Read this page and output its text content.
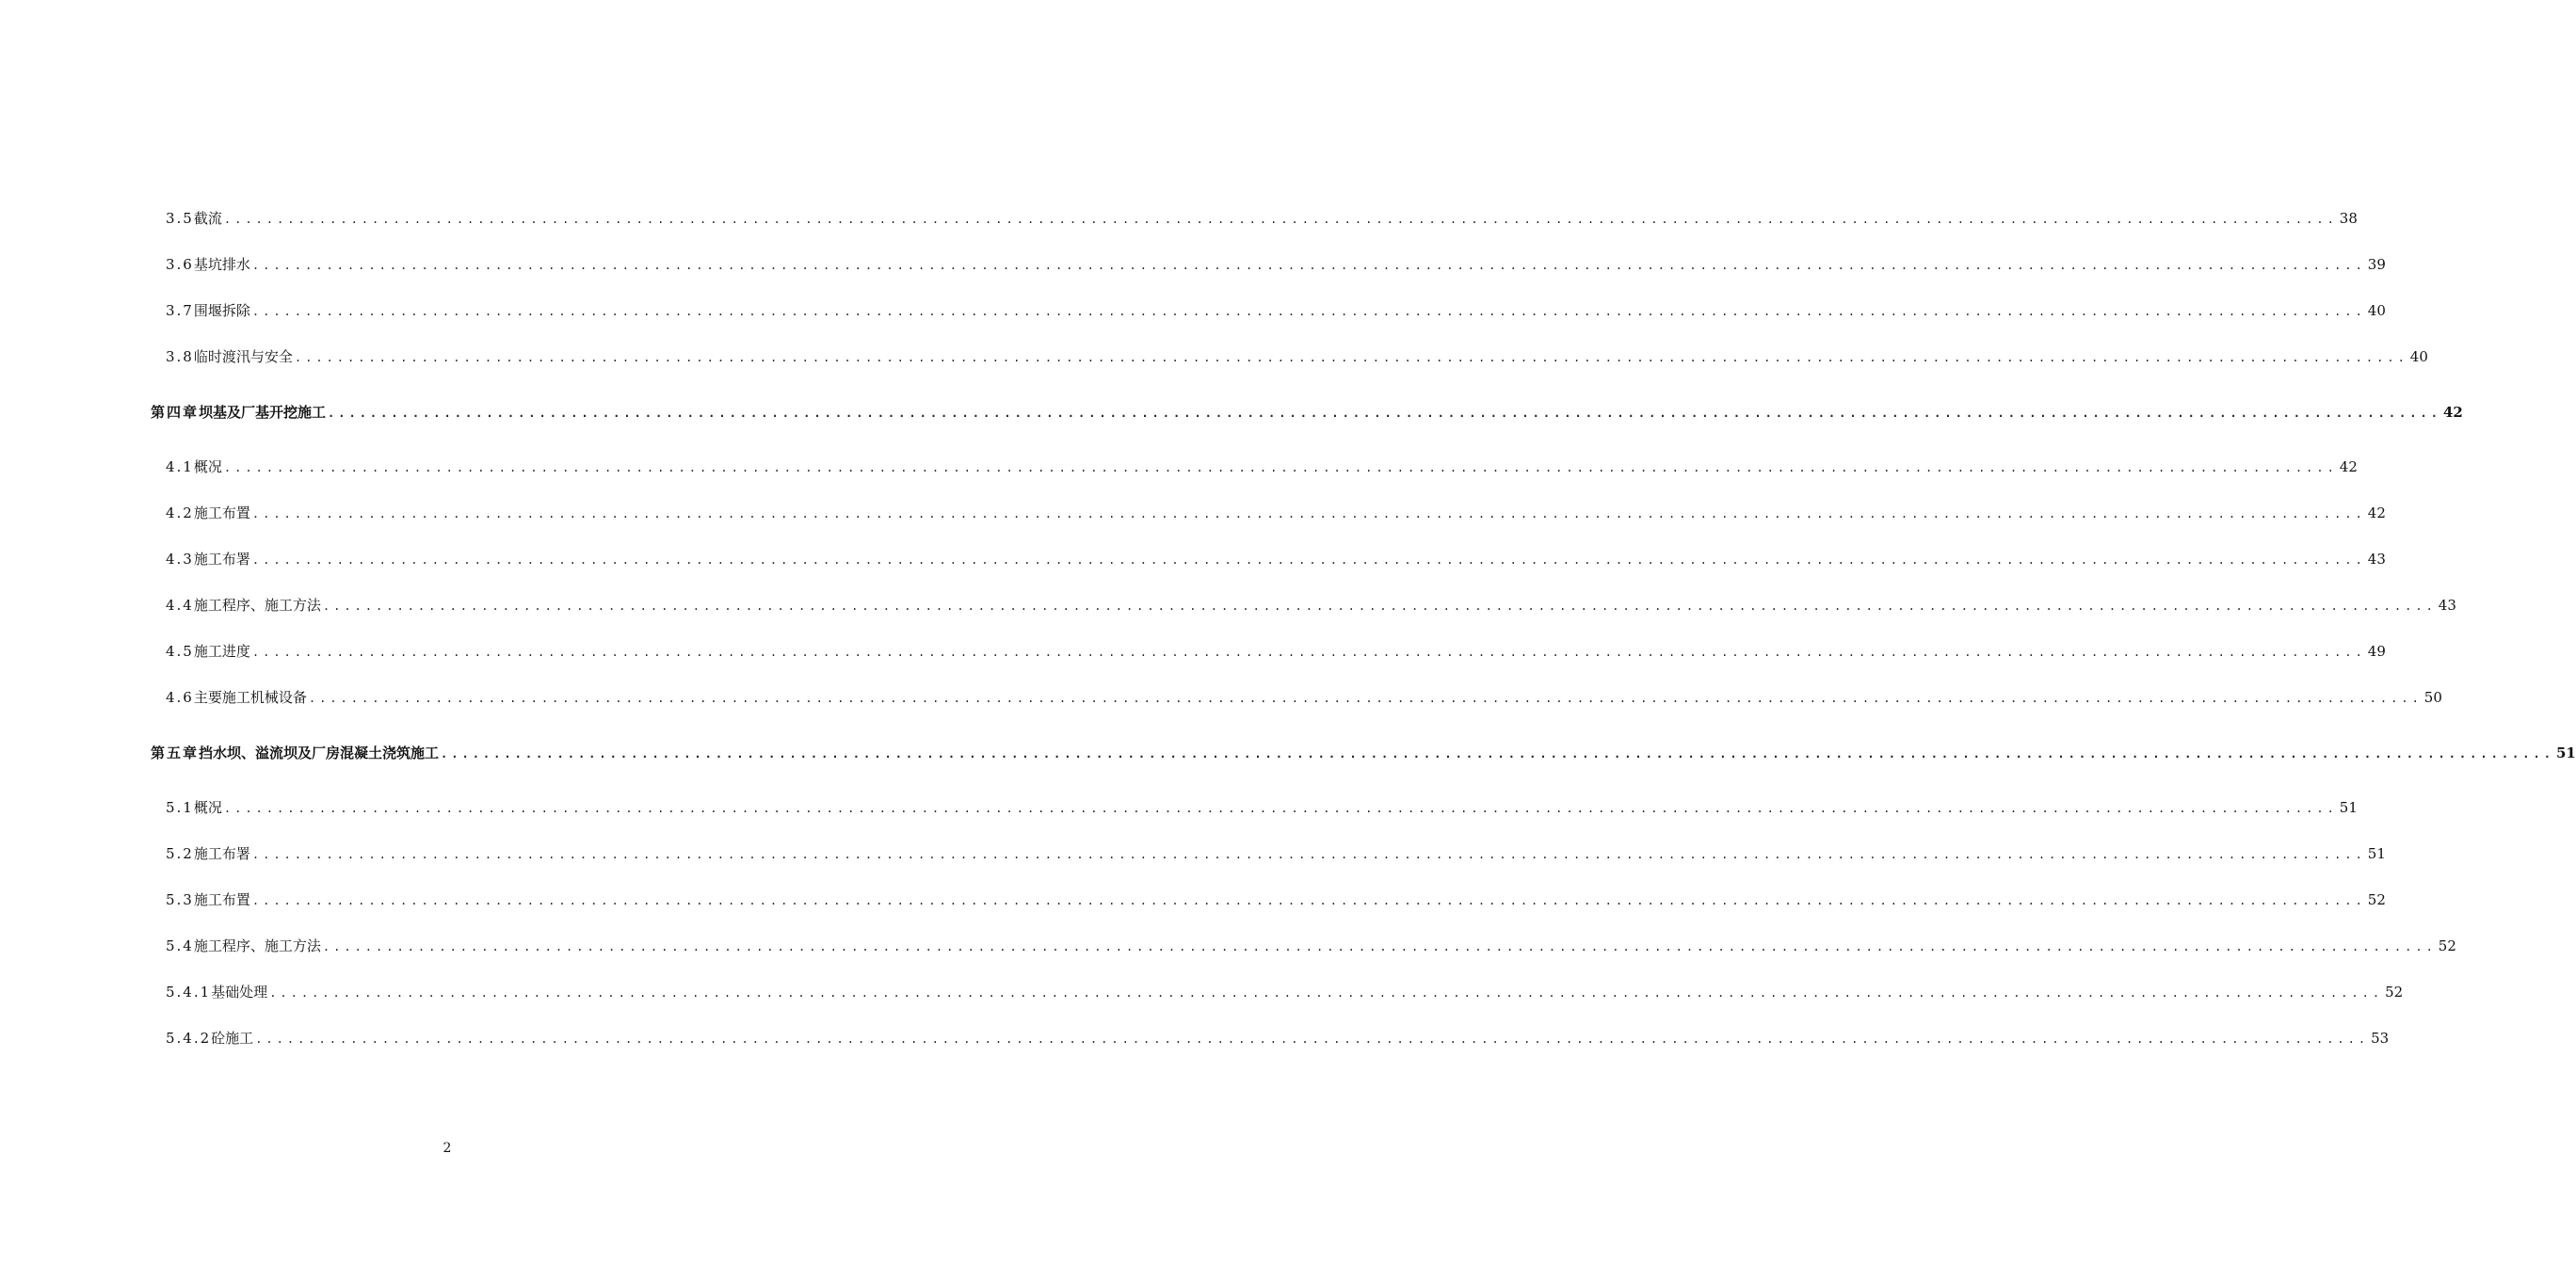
3.5 截流 ........................................................................................................................................................................................................ 38
3.6 基坑排水 ........................................................................................................................................................................................................ 39
3.7 围堰拆除 ........................................................................................................................................................................................................ 40
3.8 临时渡汛与安全 ........................................................................................................................................................................................................ 40
第四章 坝基及厂基开挖施工 ........................................................................................................................................................................................................ 42
4.1 概况 ........................................................................................................................................................................................................ 42
4.2 施工布置 ........................................................................................................................................................................................................ 42
4.3 施工布署 ........................................................................................................................................................................................................ 43
4.4 施工程序、施工方法 ........................................................................................................................................................................................................ 43
4.5 施工进度 ........................................................................................................................................................................................................ 49
4.6 主要施工机械设备 ........................................................................................................................................................................................................ 50
第五章 挡水坝、溢流坝及厂房混凝土浇筑施工 ........................................................................................................................................................................................................ 51
5.1 概况 ........................................................................................................................................................................................................ 51
5.2 施工布署 ........................................................................................................................................................................................................ 51
5.3 施工布置 ........................................................................................................................................................................................................ 52
5.4 施工程序、施工方法 ........................................................................................................................................................................................................ 52
5.4.1 基础处理 ........................................................................................................................................................................................................ 52
5.4.2 砼施工 ........................................................................................................................................................................................................ 53
2
